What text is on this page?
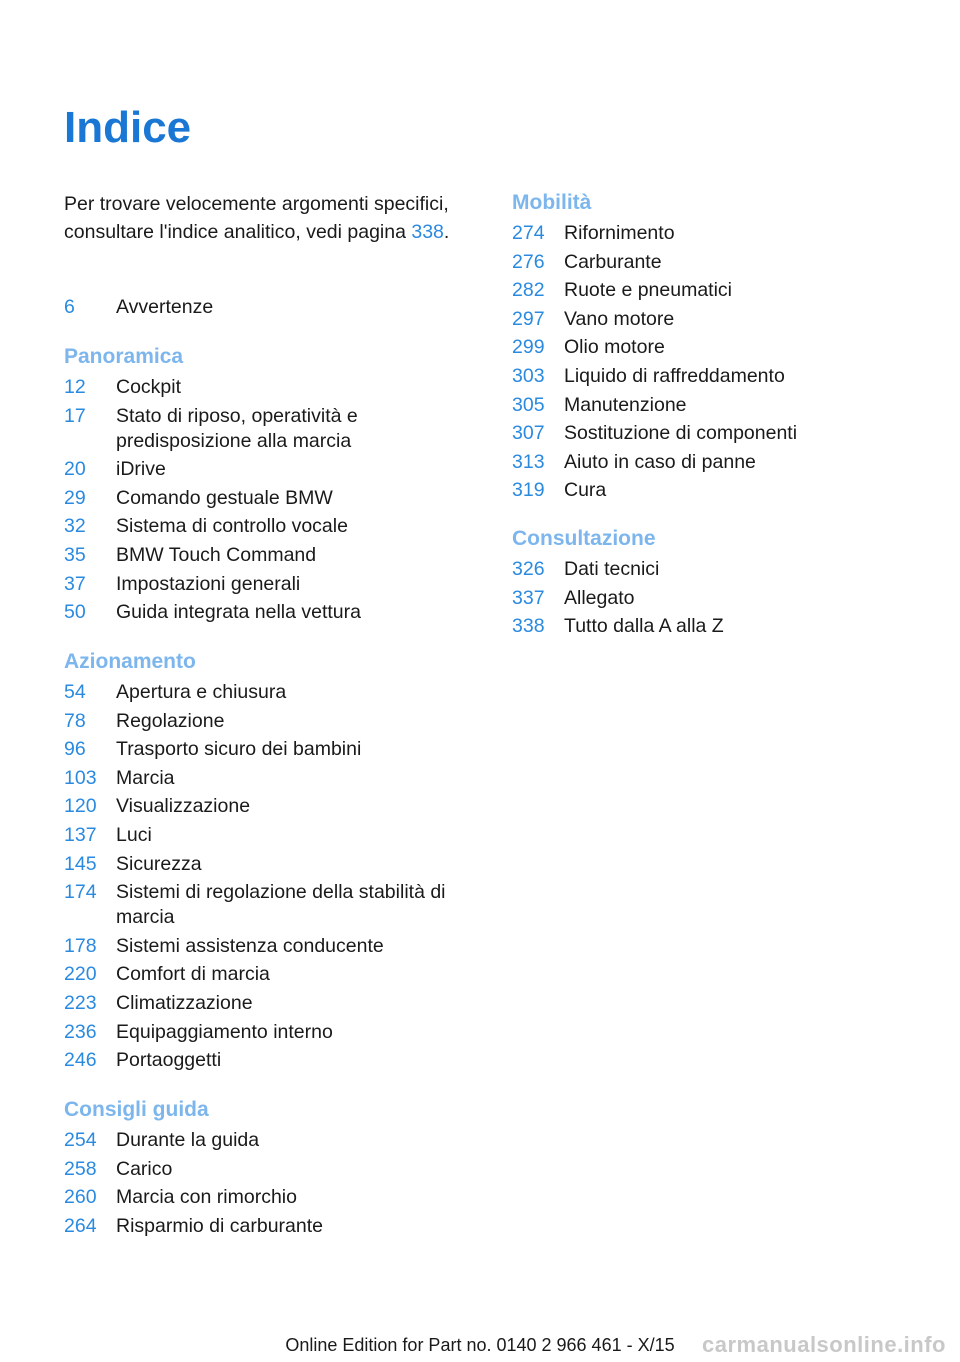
Indice

Per trovare velocemente argomenti specifici, consultare l'indice analitico, vedi pagina 338.

6	Avvertenze
Panoramica
12	Cockpit
17	Stato di riposo, operatività e predisposizione alla marcia
20	iDrive
29	Comando gestuale BMW
32	Sistema di controllo vocale
35	BMW Touch Command
37	Impostazioni generali
50	Guida integrata nella vettura
Azionamento
54	Apertura e chiusura
78	Regolazione
96	Trasporto sicuro dei bambini
103 Marcia
120 Visualizzazione
137 Luci
145 Sicurezza
174 Sistemi di regolazione della stabilità di marcia
178 Sistemi assistenza conducente
220 Comfort di marcia
223 Climatizzazione
236 Equipaggiamento interno
246 Portaoggetti
Consigli guida
254 Durante la guida
258 Carico
260 Marcia con rimorchio
264 Risparmio di carburante
Mobilità
274 Rifornimento
276 Carburante
282 Ruote e pneumatici
297 Vano motore
299 Olio motore
303 Liquido di raffreddamento
305 Manutenzione
307 Sostituzione di componenti
313 Aiuto in caso di panne
319 Cura
Consultazione
326 Dati tecnici
337 Allegato
338 Tutto dalla A alla Z
Online Edition for Part no. 0140 2 966 461 - X/15	carmanualsonline.info
